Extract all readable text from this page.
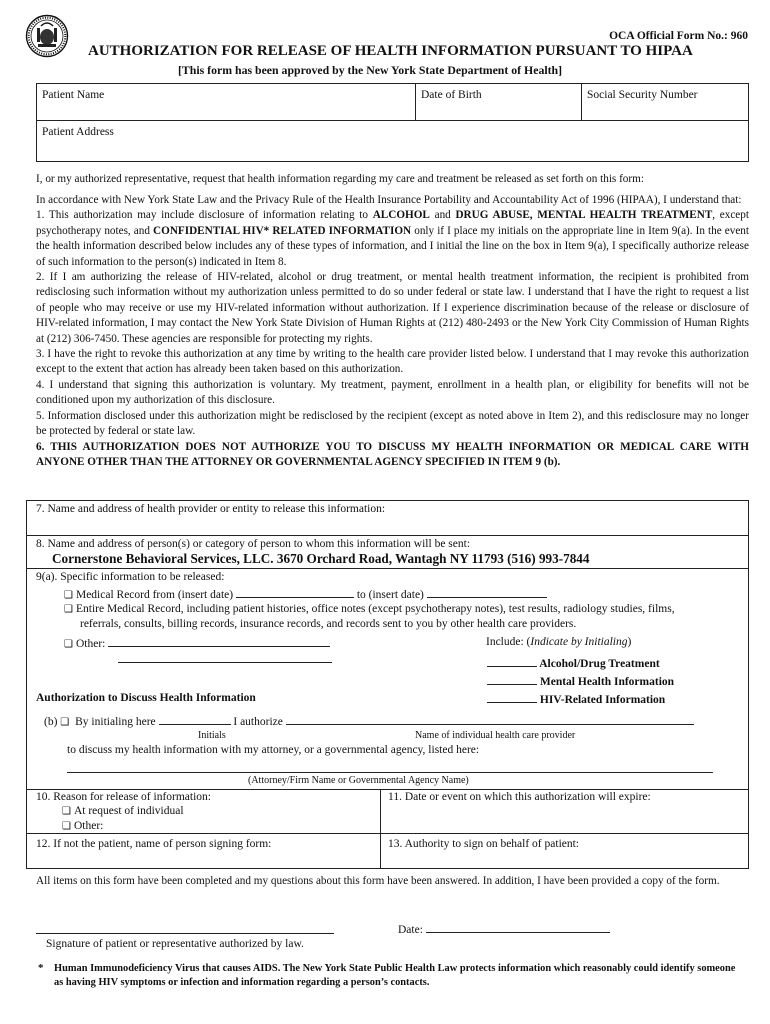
OCA Official Form No.: 960
AUTHORIZATION FOR RELEASE OF HEALTH INFORMATION PURSUANT TO HIPAA
[This form has been approved by the New York State Department of Health]
Patient Name	Date of Birth	Social Security Number
Patient Address
I, or my authorized representative, request that health information regarding my care and treatment be released as set forth on this form:
In accordance with New York State Law and the Privacy Rule of the Health Insurance Portability and Accountability Act of 1996 (HIPAA), I understand that:
1. This authorization may include disclosure of information relating to ALCOHOL and DRUG ABUSE, MENTAL HEALTH TREATMENT, except psychotherapy notes, and CONFIDENTIAL HIV* RELATED INFORMATION only if I place my initials on the appropriate line in Item 9(a). In the event the health information described below includes any of these types of information, and I initial the line on the box in Item 9(a), I specifically authorize release of such information to the person(s) indicated in Item 8.
2. If I am authorizing the release of HIV-related, alcohol or drug treatment, or mental health treatment information, the recipient is prohibited from redisclosing such information without my authorization unless permitted to do so under federal or state law. I understand that I have the right to request a list of people who may receive or use my HIV-related information without authorization. If I experience discrimination because of the release or disclosure of HIV-related information, I may contact the New York State Division of Human Rights at (212) 480-2493 or the New York City Commission of Human Rights at (212) 306-7450. These agencies are responsible for protecting my rights.
3. I have the right to revoke this authorization at any time by writing to the health care provider listed below. I understand that I may revoke this authorization except to the extent that action has already been taken based on this authorization.
4. I understand that signing this authorization is voluntary. My treatment, payment, enrollment in a health plan, or eligibility for benefits will not be conditioned upon my authorization of this disclosure.
5. Information disclosed under this authorization might be redisclosed by the recipient (except as noted above in Item 2), and this redisclosure may no longer be protected by federal or state law.
6. THIS AUTHORIZATION DOES NOT AUTHORIZE YOU TO DISCUSS MY HEALTH INFORMATION OR MEDICAL CARE WITH ANYONE OTHER THAN THE ATTORNEY OR GOVERNMENTAL AGENCY SPECIFIED IN ITEM 9 (b).
7. Name and address of health provider or entity to release this information:
8. Name and address of person(s) or category of person to whom this information will be sent:
Cornerstone Behavioral Services, LLC. 3670 Orchard Road, Wantagh NY 11793 (516) 993-7844
9(a). Specific information to be released:
❑ Medical Record from (insert date)	to (insert date)
❑ Entire Medical Record, including patient histories, office notes (except psychotherapy notes), test results, radiology studies, films,
referrals, consults, billing records, insurance records, and records sent to you by other health care providers.
❑ Other:	Include: (Indicate by Initialing)
Alcohol/Drug Treatment
Mental Health Information
HIV-Related Information
Authorization to Discuss Health Information
(b) ❑ By initialing here	I authorize
Initials	Name of individual health care provider
to discuss my health information with my attorney, or a governmental agency, listed here:
(Attorney/Firm Name or Governmental Agency Name)
10. Reason for release of information:
❑ At request of individual
❑ Other:
11. Date or event on which this authorization will expire:
12. If not the patient, name of person signing form:	13. Authority to sign on behalf of patient:
All items on this form have been completed and my questions about this form have been answered. In addition, I have been provided a copy of the form.
Date:
Signature of patient or representative authorized by law.
* Human Immunodeficiency Virus that causes AIDS. The New York State Public Health Law protects information which reasonably could identify someone as having HIV symptoms or infection and information regarding a person’s contacts.
